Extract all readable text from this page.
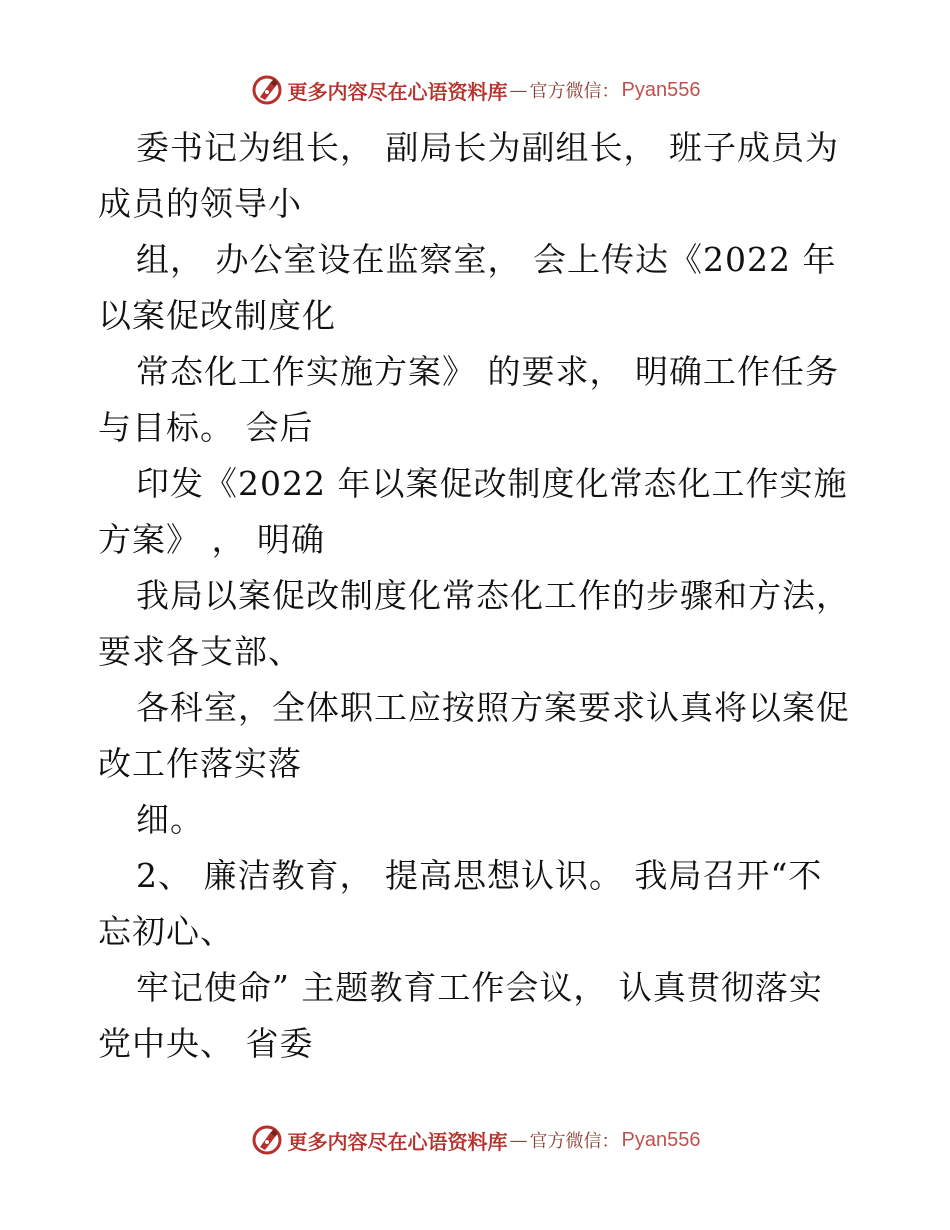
更多内容尽在心语资料库 — 官方微信： Pyan556
委书记为组长， 副局长为副组长， 班子成员为
成员的领导小
组， 办公室设在监察室， 会上传达《2022 年
以案促改制度化
常态化工作实施方案》 的要求， 明确工作任务
与目标。 会后
印发《2022 年以案促改制度化常态化工作实施
方案》 ， 明确
我局以案促改制度化常态化工作的步骤和方法，
要求各支部、
各科室，全体职工应按照方案要求认真将以案促
改工作落实落
细。
2、 廉洁教育， 提高思想认识。 我局召开“不
忘初心、
牢记使命” 主题教育工作会议， 认真贯彻落实
党中央、 省委
更多内容尽在心语资料库 — 官方微信： Pyan556
